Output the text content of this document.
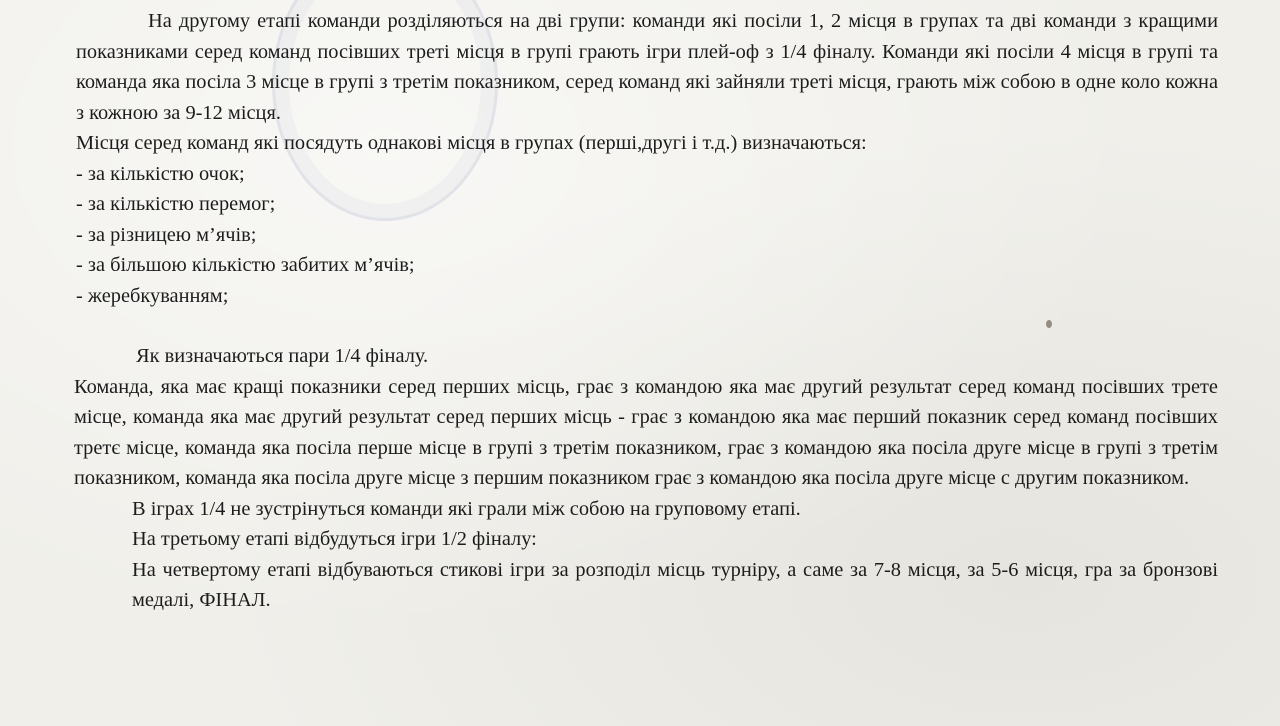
На другому етапі команди розділяються на дві групи: команди які посіли 1, 2 місця в групах та дві команди з кращими показниками серед команд посівших треті місця в групі грають ігри плей-оф з 1/4 фіналу. Команди які посіли 4 місця в групі та команда яка посіла 3 місце в групі з третім показником, серед команд які зайняли треті місця, грають між собою в одне коло кожна з кожною за 9-12 місця.

Місця серед команд які посядуть однакові місця в групах (перші,другі і т.д.) визначаються:

- за кількістю очок;

- за кількістю перемог;

- за різницею м’ячів;

- за більшою кількістю забитих м’ячів;

- жеребкуванням;

Як визначаються пари 1/4 фіналу.

Команда, яка має кращі показники серед перших місць, грає з командою яка має другий результат серед команд посівших трете місце, команда яка має другий результат серед перших місць - грає з командою яка має перший показник серед команд посівших третє місце, команда яка посіла перше місце в групі з третім показником, грає з командою яка посіла друге місце в групі з третім показником, команда яка посіла друге місце з першим показником грає з командою яка посіла друге місце с другим показником.

В іграх 1/4 не зустрінуться команди які грали між собою на груповому етапі.

На третьому етапі відбудуться ігри 1/2 фіналу:

На четвертому етапі відбуваються стикові ігри за розподіл місць турніру, а саме за 7-8 місця, за 5-6 місця, гра за бронзові медалі, ФІНАЛ.
